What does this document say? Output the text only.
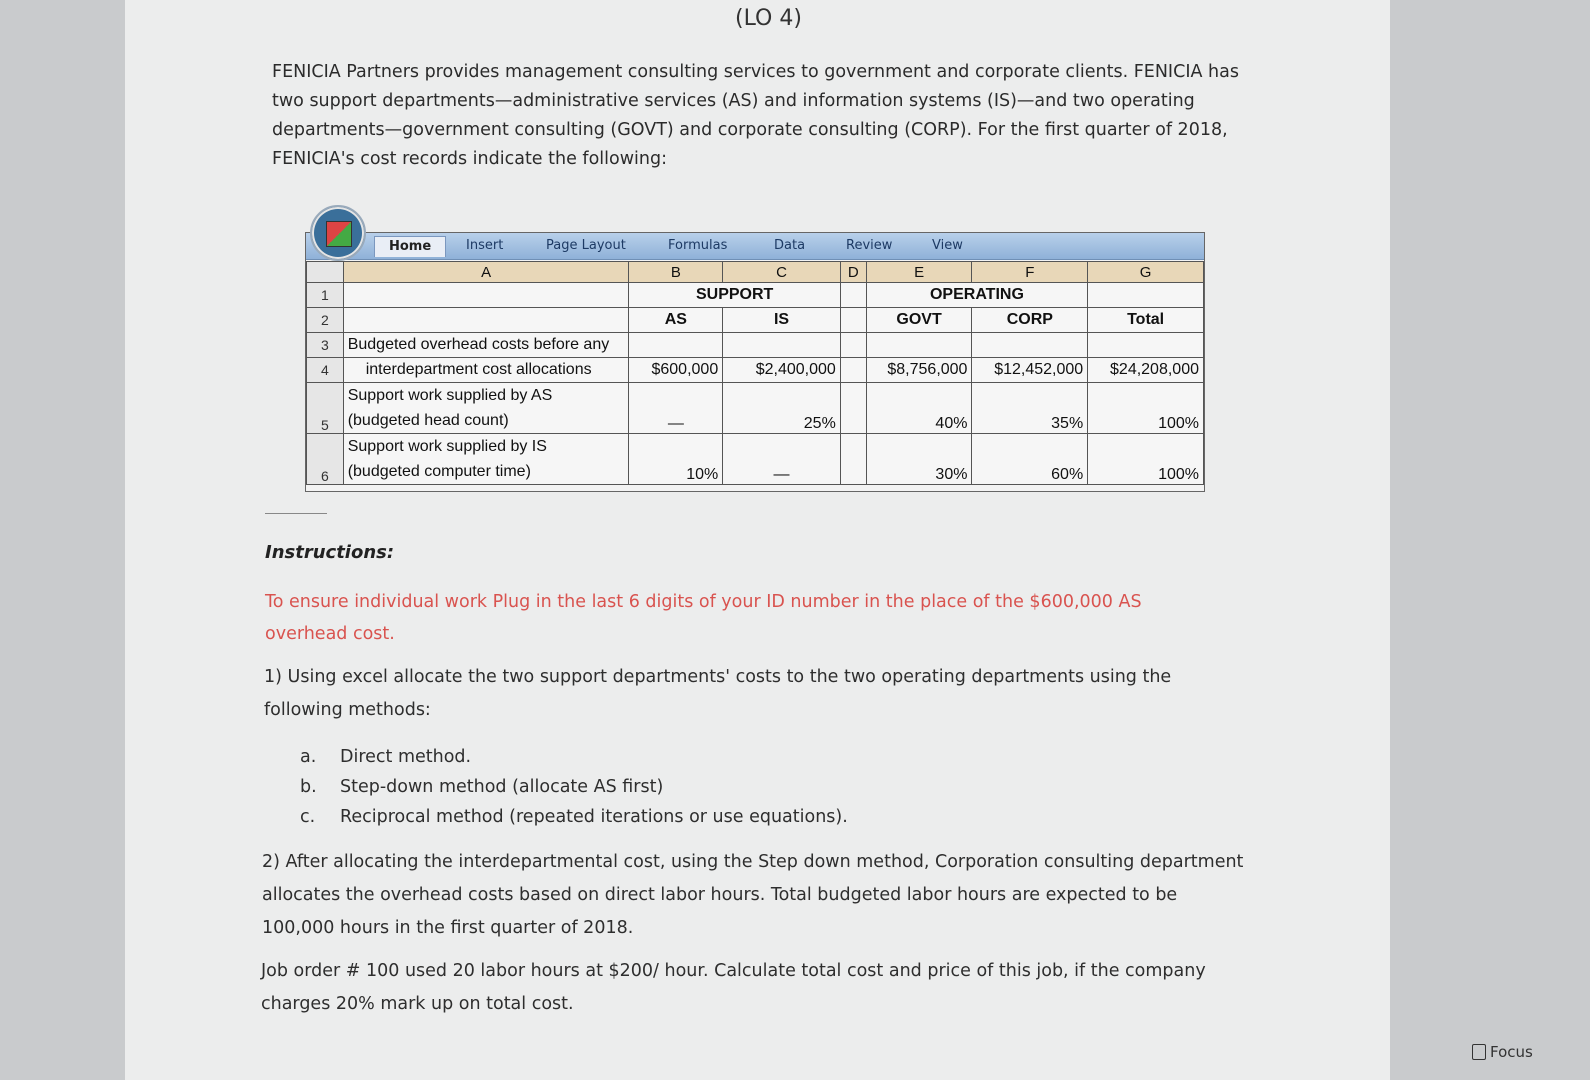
(LO 4)
FENICIA Partners provides management consulting services to government and corporate clients. FENICIA has two support departments—administrative services (AS) and information systems (IS)—and two operating departments—government consulting (GOVT) and corporate consulting (CORP). For the first quarter of 2018, FENICIA's cost records indicate the following:
Home	Insert	Page Layout	Formulas	Data	Review	View
	A	B	C	D	E	F	G
1		SUPPORT			OPERATING		
2		AS	IS		GOVT	CORP	Total
3	Budgeted overhead costs before any						
4	interdepartment cost allocations	$600,000	$2,400,000		$8,756,000	$12,452,000	$24,208,000
5	Support work supplied by AS
(budgeted head count)	—	25%		40%	35%	100%
6	Support work supplied by IS
(budgeted computer time)	10%	—		30%	60%	100%
Instructions:
To ensure individual work Plug in the last 6 digits of your ID number in the place of the $600,000 AS overhead cost.
1) Using excel allocate the two support departments' costs to the two operating departments using the following methods:
a.	Direct method.
b.	Step-down method (allocate AS first)
c.	Reciprocal method (repeated iterations or use equations).
2) After allocating the interdepartmental cost, using the Step down method, Corporation consulting department allocates the overhead costs based on direct labor hours. Total budgeted labor hours are expected to be 100,000 hours in the first quarter of 2018.
Job order # 100 used 20 labor hours at $200/ hour. Calculate total cost and price of this job, if the company charges 20% mark up on total cost.
Focus
